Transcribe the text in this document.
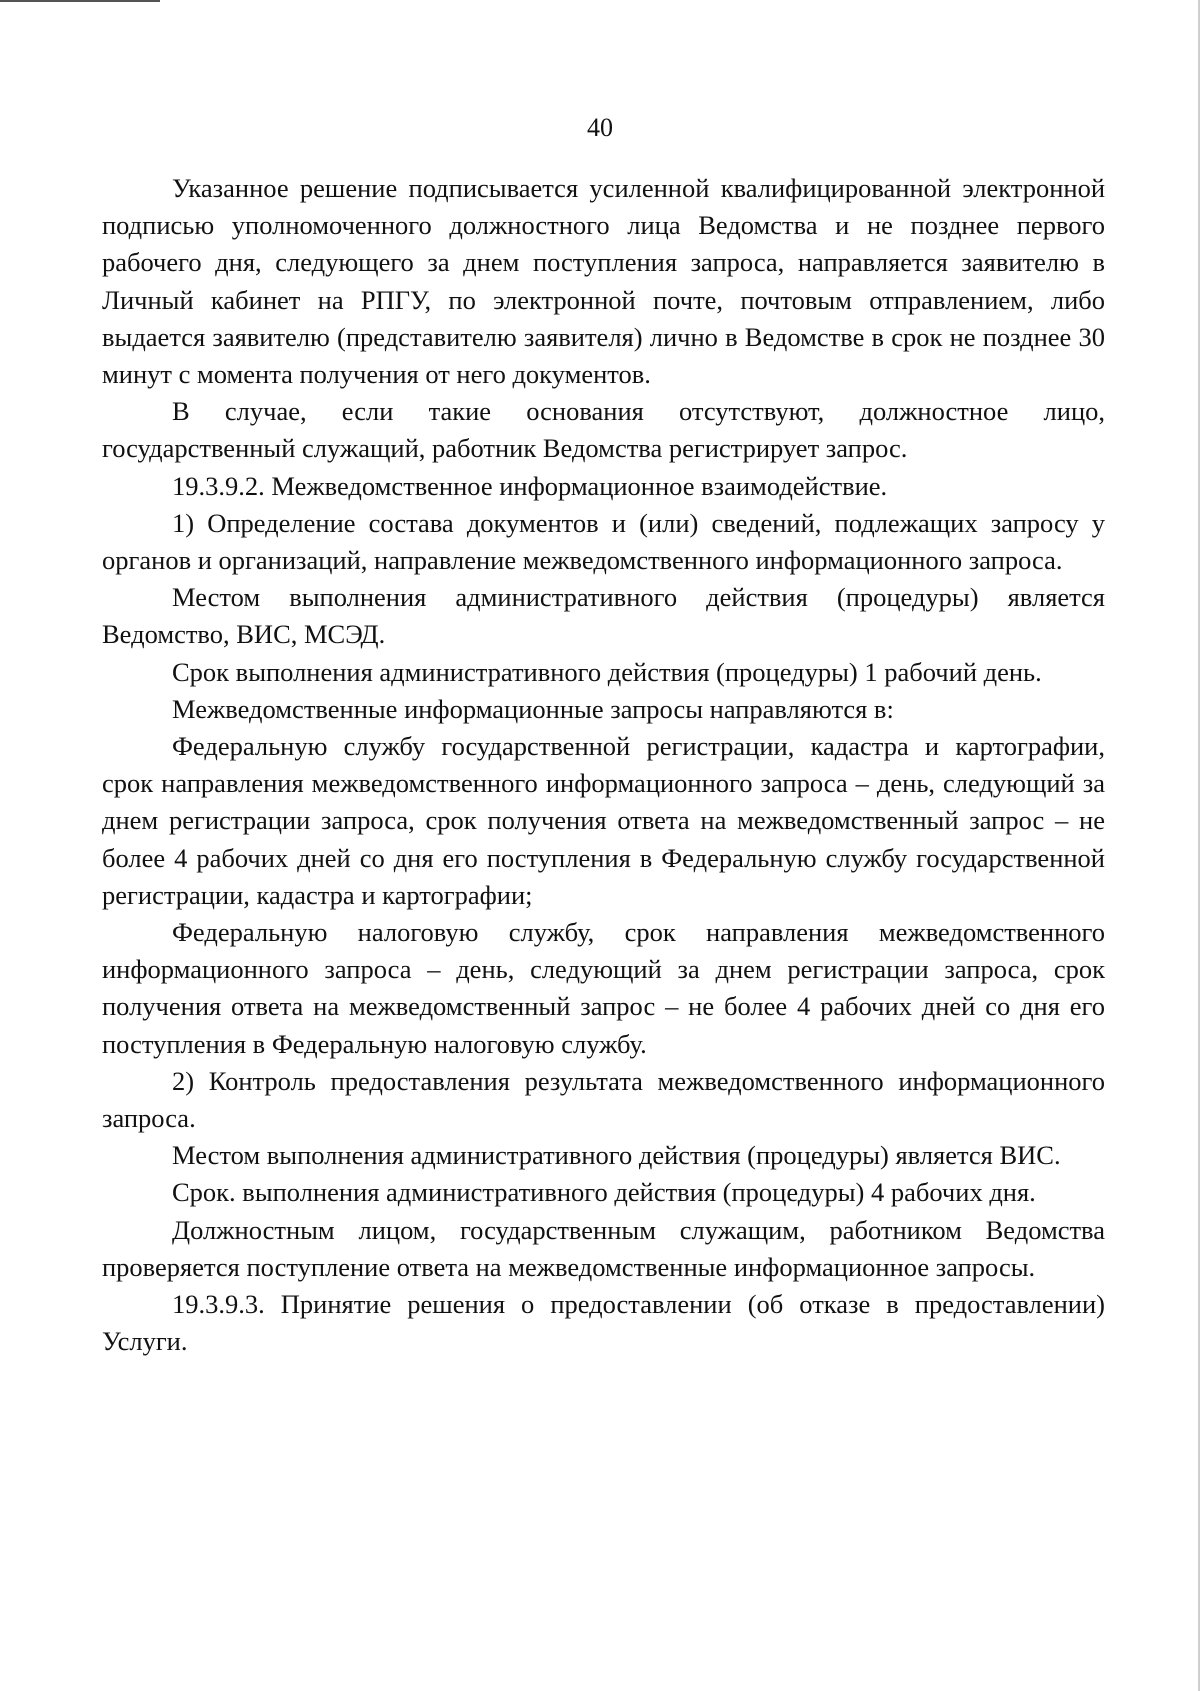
40

Указанное решение подписывается усиленной квалифицированной электронной подписью уполномоченного должностного лица Ведомства и не позднее первого рабочего дня, следующего за днем поступления запроса, направляется заявителю в Личный кабинет на РПГУ, по электронной почте, почтовым отправлением, либо выдается заявителю (представителю заявителя) лично в Ведомстве в срок не позднее 30 минут с момента получения от него документов.

В случае, если такие основания отсутствуют, должностное лицо, государственный служащий, работник Ведомства регистрирует запрос.

19.3.9.2. Межведомственное информационное взаимодействие.

1) Определение состава документов и (или) сведений, подлежащих запросу у органов и организаций, направление межведомственного информационного запроса.

Местом выполнения административного действия (процедуры) является Ведомство, ВИС, МСЭД.

Срок выполнения административного действия (процедуры) 1 рабочий день.

Межведомственные информационные запросы направляются в:

Федеральную службу государственной регистрации, кадастра и картографии, срок направления межведомственного информационного запроса – день, следующий за днем регистрации запроса, срок получения ответа на межведомственный запрос – не более 4 рабочих дней со дня его поступления в Федеральную службу государственной регистрации, кадастра и картографии;

Федеральную налоговую службу, срок направления межведомственного информационного запроса – день, следующий за днем регистрации запроса, срок получения ответа на межведомственный запрос – не более 4 рабочих дней со дня его поступления в Федеральную налоговую службу.

2) Контроль предоставления результата межведомственного информационного запроса.

Местом выполнения административного действия (процедуры) является ВИС.

Срок. выполнения административного действия (процедуры) 4 рабочих дня.

Должностным лицом, государственным служащим, работником Ведомства проверяется поступление ответа на межведомственные информационное запросы.

19.3.9.3. Принятие решения о предоставлении (об отказе в предоставлении) Услуги.
